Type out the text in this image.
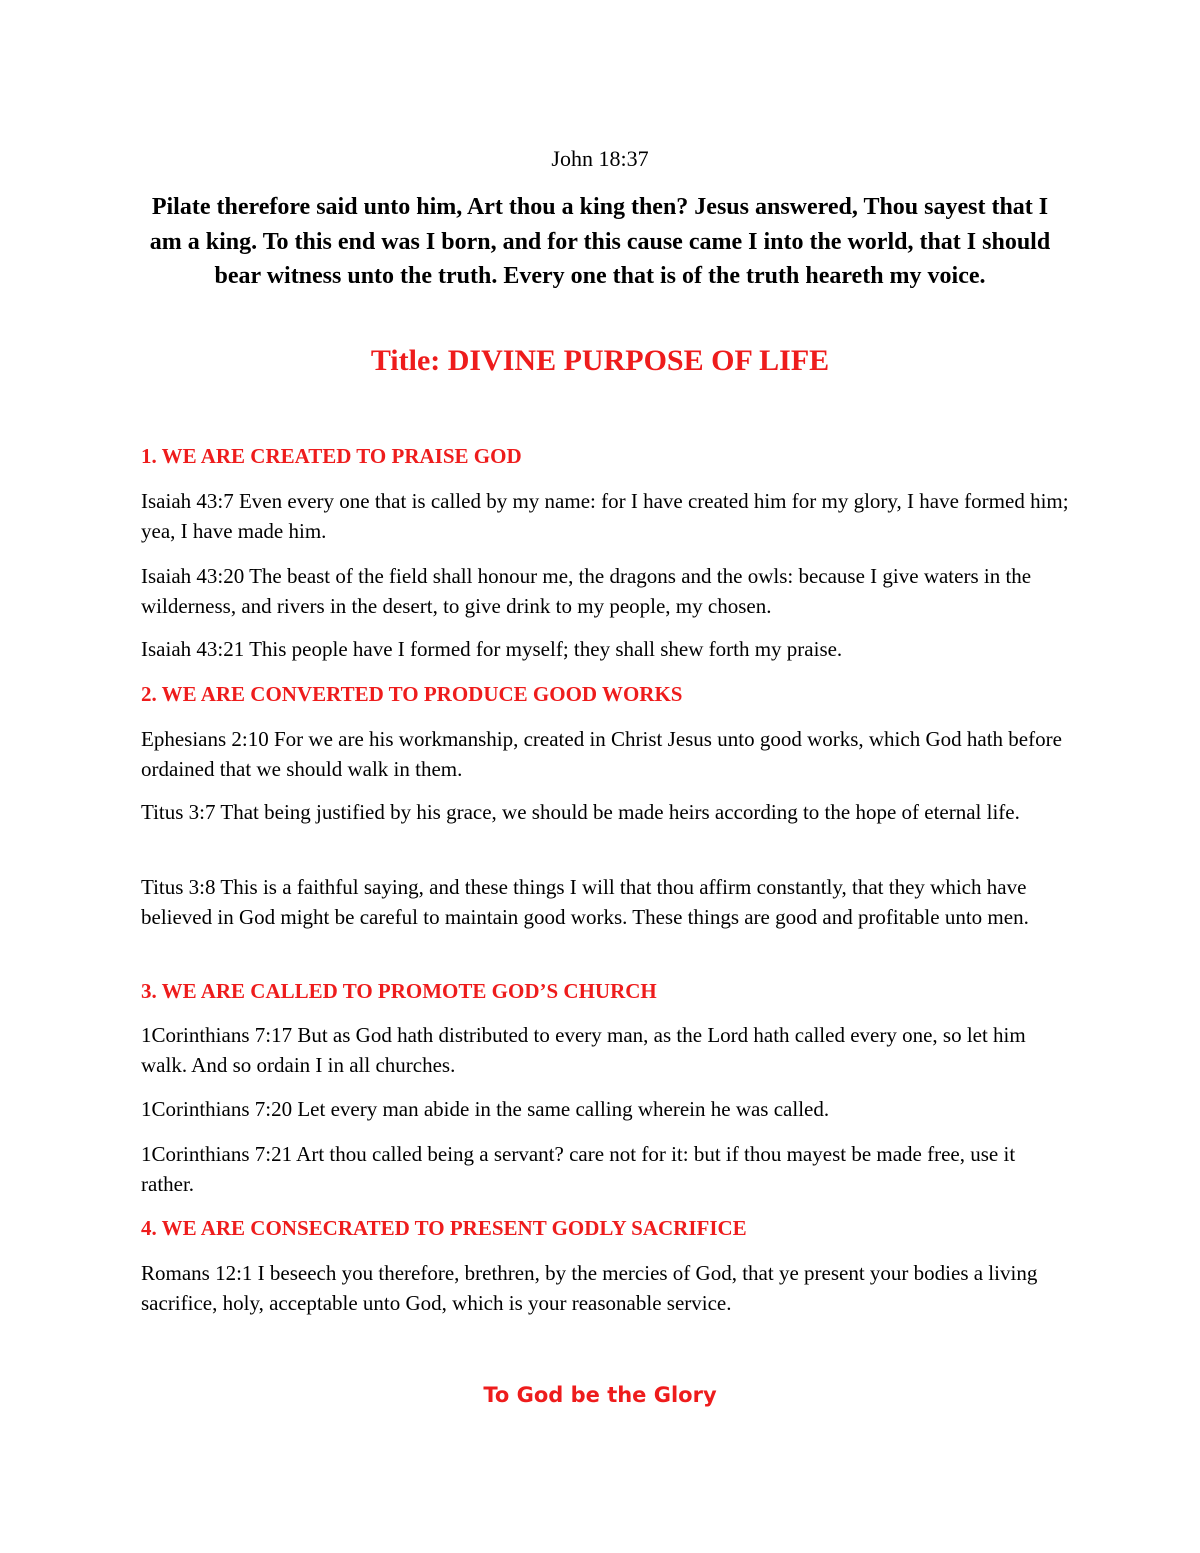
John 18:37
Pilate therefore said unto him, Art thou a king then? Jesus answered, Thou sayest that I am a king. To this end was I born, and for this cause came I into the world, that I should bear witness unto the truth. Every one that is of the truth heareth my voice.
Title: DIVINE PURPOSE OF LIFE
1. WE ARE CREATED TO PRAISE GOD
Isaiah 43:7 Even every one that is called by my name: for I have created him for my glory, I have formed him; yea, I have made him.
Isaiah 43:20 The beast of the field shall honour me, the dragons and the owls: because I give waters in the wilderness, and rivers in the desert, to give drink to my people, my chosen.
Isaiah 43:21 This people have I formed for myself; they shall shew forth my praise.
2. WE ARE CONVERTED TO PRODUCE GOOD WORKS
Ephesians 2:10 For we are his workmanship, created in Christ Jesus unto good works, which God hath before ordained that we should walk in them.
Titus 3:7 That being justified by his grace, we should be made heirs according to the hope of eternal life.
Titus 3:8 This is a faithful saying, and these things I will that thou affirm constantly, that they which have believed in God might be careful to maintain good works. These things are good and profitable unto men.
3. WE ARE CALLED TO PROMOTE GOD’S CHURCH
1Corinthians 7:17 But as God hath distributed to every man, as the Lord hath called every one, so let him walk. And so ordain I in all churches.
1Corinthians 7:20 Let every man abide in the same calling wherein he was called.
1Corinthians 7:21 Art thou called being a servant? care not for it: but if thou mayest be made free, use it rather.
4. WE ARE CONSECRATED TO PRESENT GODLY SACRIFICE
Romans 12:1 I beseech you therefore, brethren, by the mercies of God, that ye present your bodies a living sacrifice, holy, acceptable unto God, which is your reasonable service.
To God be the Glory
